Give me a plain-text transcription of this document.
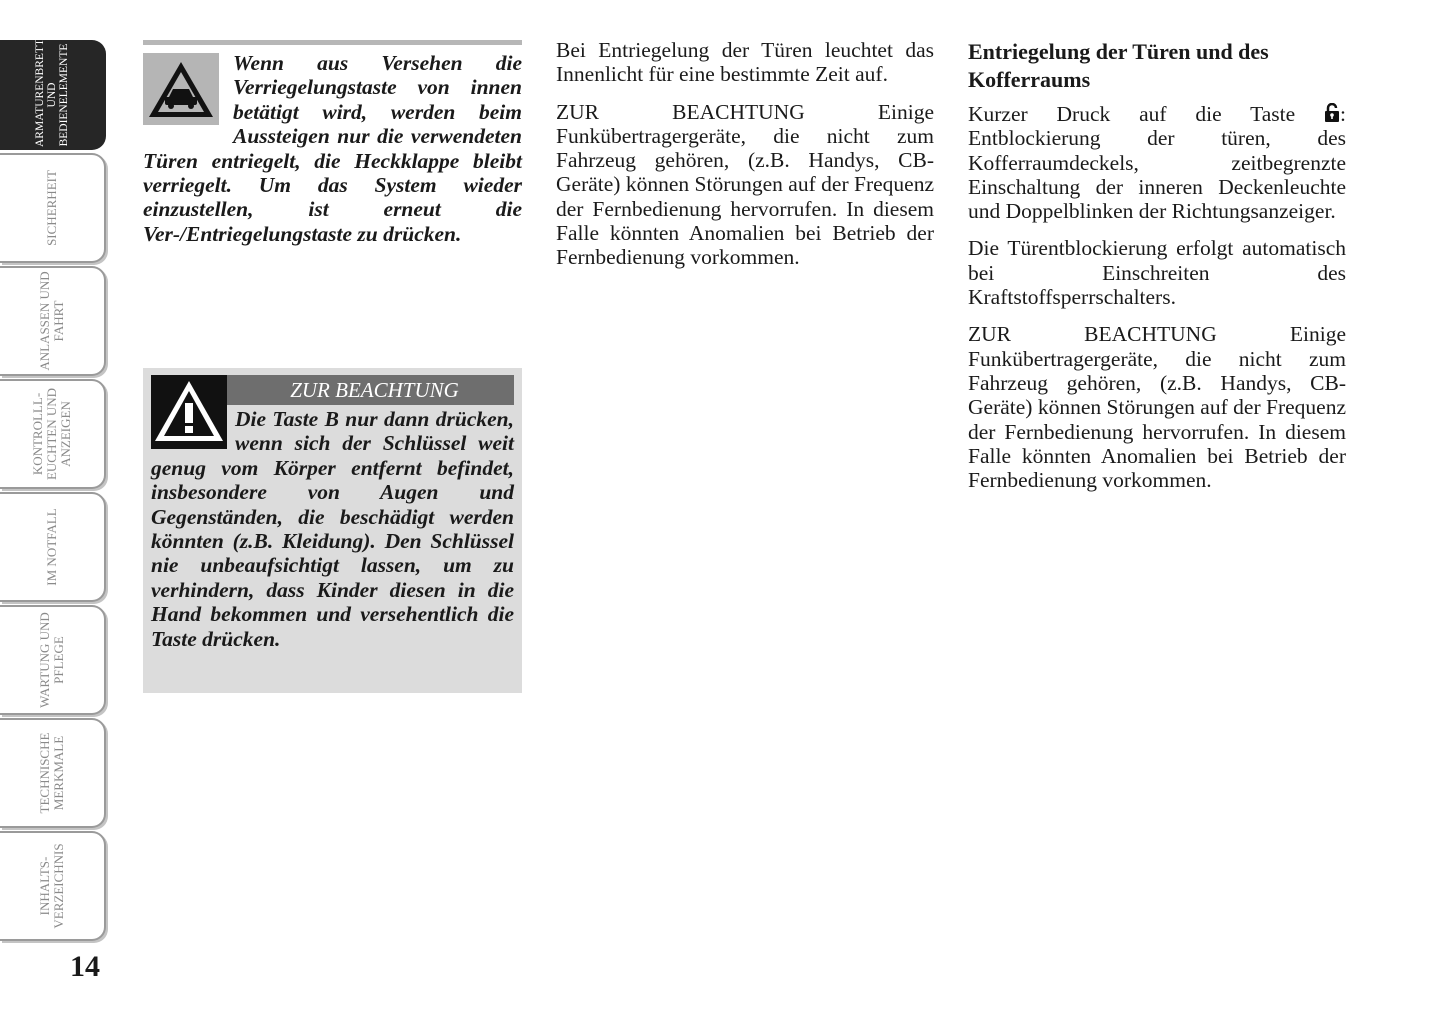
ARMATURENBRETT UND BEDIENELEMENTE
SICHERHEIT
ANLASSEN UND FAHRT
KONTROLLL- EUCHTEN UND ANZEIGEN
IM NOTFALL
WARTUNG UND PFLEGE
TECHNISCHE MERKMALE
INHALTS- VERZEICHNIS
14

Wenn aus Versehen die Verriegelungstaste von innen betätigt wird, werden beim Aussteigen nur die verwendeten Türen entriegelt, die Heckklappe bleibt verriegelt. Um das System wieder einzustellen, ist erneut die Ver-/Entriegelungstaste zu drücken.

ZUR BEACHTUNG

Die Taste B nur dann drücken, wenn sich der Schlüssel weit genug vom Körper entfernt befindet, insbesondere von Augen und Gegenständen, die beschädigt werden könnten (z.B. Kleidung). Den Schlüssel nie unbeaufsichtigt lassen, um zu verhindern, dass Kinder diesen in die Hand bekommen und versehentlich die Taste drücken.

Bei Entriegelung der Türen leuchtet das Innenlicht für eine bestimmte Zeit auf.

ZUR BEACHTUNG Einige Funkübertragergeräte, die nicht zum Fahrzeug gehören, (z.B. Handys, CB-Geräte) können Störungen auf der Frequenz der Fernbedienung hervorrufen. In diesem Falle könnten Anomalien bei Betrieb der Fernbedienung vorkommen.

Entriegelung der Türen und des Kofferraums

Kurzer Druck auf die Taste : Entblockierung der türen, des Kofferraumdeckels, zeitbegrenzte Einschaltung der inneren Deckenleuchte und Doppelblinken der Richtungsanzeiger.

Die Türentblockierung erfolgt automatisch bei Einschreiten des Kraftstoffsperrschalters.

ZUR BEACHTUNG Einige Funkübertragergeräte, die nicht zum Fahrzeug gehören, (z.B. Handys, CB-Geräte) können Störungen auf der Frequenz der Fernbedienung hervorrufen. In diesem Falle könnten Anomalien bei Betrieb der Fernbedienung vorkommen.
